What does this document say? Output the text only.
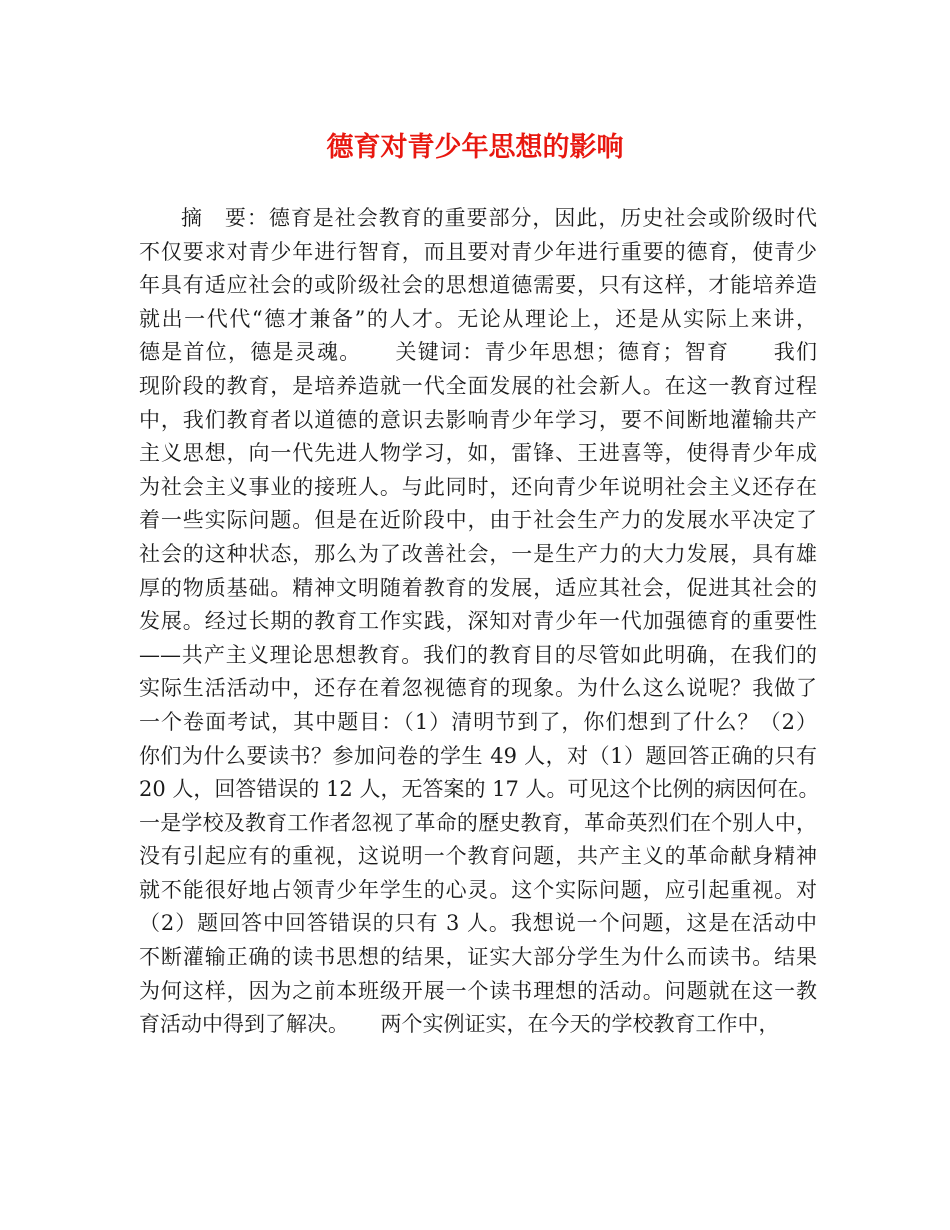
德育对青少年思想的影响
摘　要：德育是社会教育的重要部分，因此，历史社会或阶级时代
不仅要求对青少年进行智育，而且要对青少年进行重要的德育，使青少
年具有适应社会的或阶级社会的思想道德需要，只有这样，才能培养造
就出一代代“德才兼备”的人才。无论从理论上，还是从实际上来讲，
德是首位，德是灵魂。　　关键词：青少年思想；德育；智育　　我们
现阶段的教育，是培养造就一代全面发展的社会新人。在这一教育过程
中，我们教育者以道德的意识去影响青少年学习，要不间断地灌输共产
主义思想，向一代先进人物学习，如，雷锋、王进喜等，使得青少年成
为社会主义事业的接班人。与此同时，还向青少年说明社会主义还存在
着一些实际问题。但是在近阶段中，由于社会生产力的发展水平决定了
社会的这种状态，那么为了改善社会，一是生产力的大力发展，具有雄
厚的物质基础。精神文明随着教育的发展，适应其社会，促进其社会的
发展。经过长期的教育工作实践，深知对青少年一代加强德育的重要性
——共产主义理论思想教育。我们的教育目的尽管如此明确，在我们的
实际生活活动中，还存在着忽视德育的现象。为什么这么说呢？我做了
一个卷面考试，其中题目：（1）清明节到了，你们想到了什么？（2）
你们为什么要读书？参加问卷的学生 49 人，对（1）题回答正确的只有
20 人，回答错误的 12 人，无答案的 17 人。可见这个比例的病因何在。
一是学校及教育工作者忽视了革命的歷史教育，革命英烈们在个别人中，
没有引起应有的重视，这说明一个教育问题，共产主义的革命献身精神
就不能很好地占领青少年学生的心灵。这个实际问题，应引起重视。对
（2）题回答中回答错误的只有 3 人。我想说一个问题，这是在活动中
不断灌输正确的读书思想的结果，证实大部分学生为什么而读书。结果
为何这样，因为之前本班级开展一个读书理想的活动。问题就在这一教
育活动中得到了解决。　　两个实例证实，在今天的学校教育工作中，
